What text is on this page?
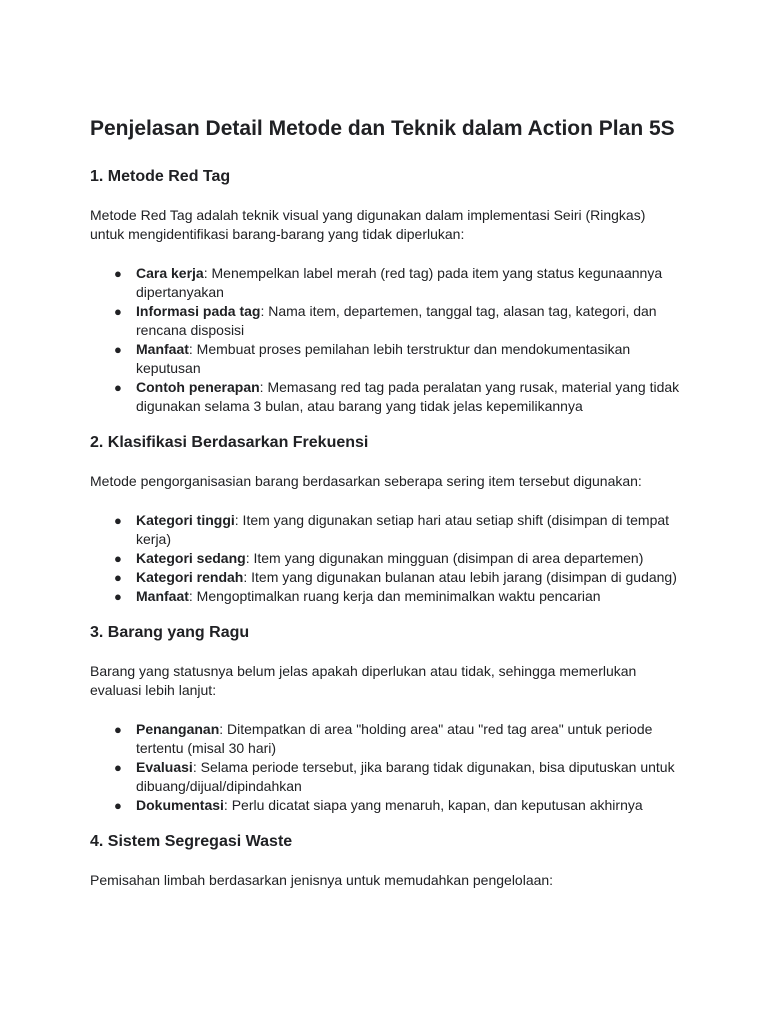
Penjelasan Detail Metode dan Teknik dalam Action Plan 5S
1. Metode Red Tag

Metode Red Tag adalah teknik visual yang digunakan dalam implementasi Seiri (Ringkas) untuk mengidentifikasi barang-barang yang tidak diperlukan:

● Cara kerja: Menempelkan label merah (red tag) pada item yang status kegunaannya dipertanyakan
● Informasi pada tag: Nama item, departemen, tanggal tag, alasan tag, kategori, dan rencana disposisi
● Manfaat: Membuat proses pemilahan lebih terstruktur dan mendokumentasikan keputusan
● Contoh penerapan: Memasang red tag pada peralatan yang rusak, material yang tidak digunakan selama 3 bulan, atau barang yang tidak jelas kepemilikannya
2. Klasifikasi Berdasarkan Frekuensi

Metode pengorganisasian barang berdasarkan seberapa sering item tersebut digunakan:

● Kategori tinggi: Item yang digunakan setiap hari atau setiap shift (disimpan di tempat kerja)
● Kategori sedang: Item yang digunakan mingguan (disimpan di area departemen)
● Kategori rendah: Item yang digunakan bulanan atau lebih jarang (disimpan di gudang)
● Manfaat: Mengoptimalkan ruang kerja dan meminimalkan waktu pencarian
3. Barang yang Ragu

Barang yang statusnya belum jelas apakah diperlukan atau tidak, sehingga memerlukan evaluasi lebih lanjut:

● Penanganan: Ditempatkan di area "holding area" atau "red tag area" untuk periode tertentu (misal 30 hari)
● Evaluasi: Selama periode tersebut, jika barang tidak digunakan, bisa diputuskan untuk dibuang/dijual/dipindahkan
● Dokumentasi: Perlu dicatat siapa yang menaruh, kapan, dan keputusan akhirnya
4. Sistem Segregasi Waste

Pemisahan limbah berdasarkan jenisnya untuk memudahkan pengelolaan:
